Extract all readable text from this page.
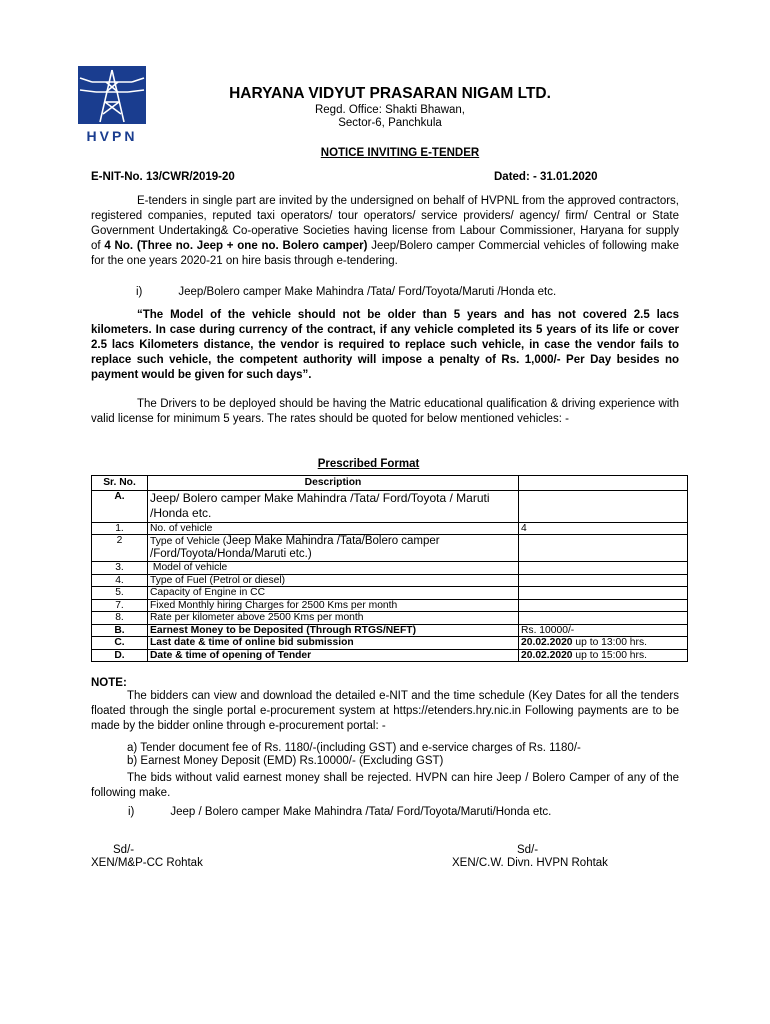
HVPN
HARYANA VIDYUT PRASARAN NIGAM LTD.
Regd. Office: Shakti Bhawan,
Sector-6, Panchkula
NOTICE INVITING E-TENDER
E-NIT-No. 13/CWR/2019-20	Dated: - 31.01.2020
E-tenders in single part are invited by the undersigned on behalf of HVPNL from the approved contractors, registered companies, reputed taxi operators/ tour operators/ service providers/ agency/ firm/ Central or State Government Undertaking& Co-operative Societies having license from Labour Commissioner, Haryana for supply of 4 No. (Three no. Jeep + one no. Bolero camper) Jeep/Bolero camper Commercial vehicles of following make for the one years 2020-21 on hire basis through e-tendering.
i)	Jeep/Bolero camper Make Mahindra /Tata/ Ford/Toyota/Maruti /Honda etc.
“The Model of the vehicle should not be older than 5 years and has not covered 2.5 lacs kilometers. In case during currency of the contract, if any vehicle completed its 5 years of its life or cover 2.5 lacs Kilometers distance, the vendor is required to replace such vehicle, in case the vendor fails to replace such vehicle, the competent authority will impose a penalty of Rs. 1,000/- Per Day besides no payment would be given for such days”.
The Drivers to be deployed should be having the Matric educational qualification & driving experience with valid license for minimum 5 years. The rates should be quoted for below mentioned vehicles: -
Prescribed Format
Sr. No.	Description	
A.	Jeep/ Bolero camper Make Mahindra /Tata/ Ford/Toyota / Maruti /Honda etc.	
1.	No. of vehicle	4
2	Type of Vehicle (Jeep Make Mahindra /Tata/Bolero camper /Ford/Toyota/Honda/Maruti etc.)	
3.	Model of vehicle	
4.	Type of Fuel (Petrol or diesel)	
5.	Capacity of Engine in CC	
7.	Fixed Monthly hiring Charges for 2500 Kms per month	
8.	Rate per kilometer above 2500 Kms per month	
B.	Earnest Money to be Deposited (Through RTGS/NEFT)	Rs. 10000/-
C.	Last date & time of online bid submission	20.02.2020 up to 13:00 hrs.
D.	Date & time of opening of Tender	20.02.2020 up to 15:00 hrs.
NOTE:
The bidders can view and download the detailed e-NIT and the time schedule (Key Dates for all the tenders floated through the single portal e-procurement system at https://etenders.hry.nic.in Following payments are to be made by the bidder online through e-procurement portal: -
a) Tender document fee of Rs. 1180/-(including GST) and e-service charges of Rs. 1180/-
b) Earnest Money Deposit (EMD) Rs.10000/- (Excluding GST)
The bids without valid earnest money shall be rejected. HVPN can hire Jeep / Bolero Camper of any of the following make.
i)	Jeep / Bolero camper Make Mahindra /Tata/ Ford/Toyota/Maruti/Honda etc.
Sd/-
XEN/M&P-CC Rohtak
Sd/-
XEN/C.W. Divn. HVPN Rohtak
